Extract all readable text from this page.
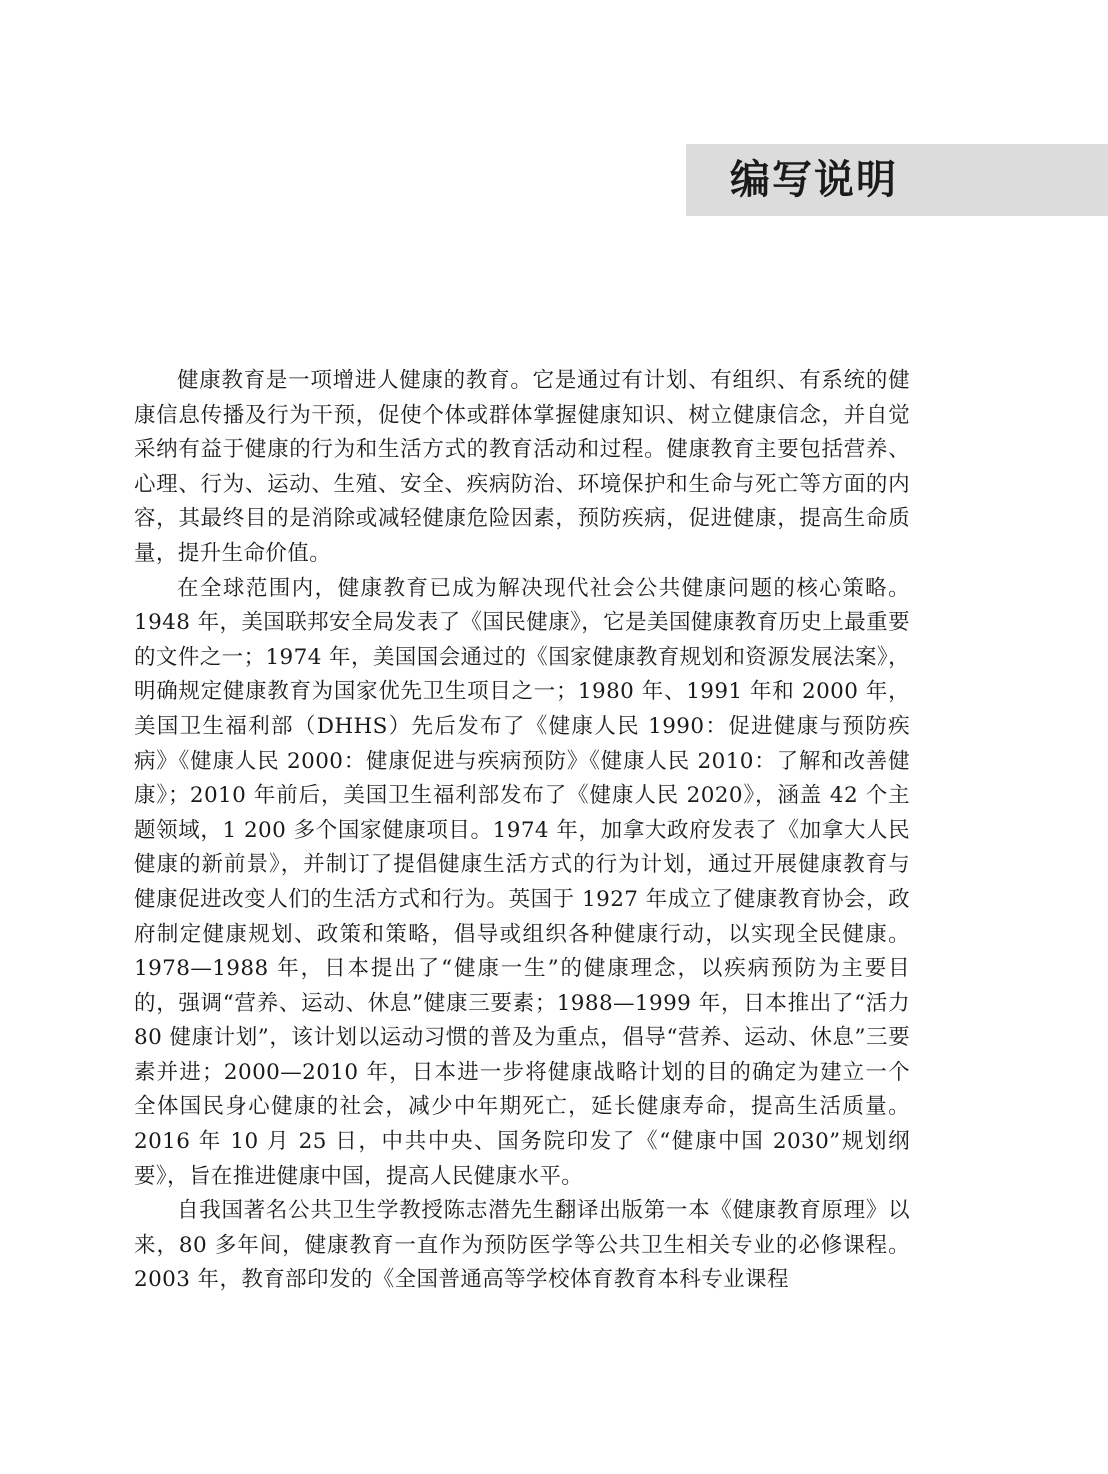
编写说明

健康教育是一项增进人健康的教育。它是通过有计划、有组织、有系统的健康信息传播及行为干预，促使个体或群体掌握健康知识、树立健康信念，并自觉采纳有益于健康的行为和生活方式的教育活动和过程。健康教育主要包括营养、心理、行为、运动、生殖、安全、疾病防治、环境保护和生命与死亡等方面的内容，其最终目的是消除或减轻健康危险因素，预防疾病，促进健康，提高生命质量，提升生命价值。

在全球范围内，健康教育已成为解决现代社会公共健康问题的核心策略。1948 年，美国联邦安全局发表了《国民健康》，它是美国健康教育历史上最重要的文件之一；1974 年，美国国会通过的《国家健康教育规划和资源发展法案》，明确规定健康教育为国家优先卫生项目之一；1980 年、1991 年和 2000 年，美国卫生福利部（DHHS）先后发布了《健康人民 1990：促进健康与预防疾病》《健康人民 2000：健康促进与疾病预防》《健康人民 2010：了解和改善健康》；2010 年前后，美国卫生福利部发布了《健康人民 2020》，涵盖 42 个主题领域，1 200 多个国家健康项目。1974 年，加拿大政府发表了《加拿大人民健康的新前景》，并制订了提倡健康生活方式的行为计划，通过开展健康教育与健康促进改变人们的生活方式和行为。英国于 1927 年成立了健康教育协会，政府制定健康规划、政策和策略，倡导或组织各种健康行动，以实现全民健康。1978—1988 年，日本提出了“健康一生”的健康理念，以疾病预防为主要目的，强调“营养、运动、休息”健康三要素；1988—1999 年，日本推出了“活力 80 健康计划”，该计划以运动习惯的普及为重点，倡导“营养、运动、休息”三要素并进；2000—2010 年，日本进一步将健康战略计划的目的确定为建立一个全体国民身心健康的社会，减少中年期死亡，延长健康寿命，提高生活质量。2016 年 10 月 25 日，中共中央、国务院印发了《“健康中国 2030”规划纲要》，旨在推进健康中国，提高人民健康水平。

自我国著名公共卫生学教授陈志潜先生翻译出版第一本《健康教育原理》以来，80 多年间，健康教育一直作为预防医学等公共卫生相关专业的必修课程。2003 年，教育部印发的《全国普通高等学校体育教育本科专业课程
